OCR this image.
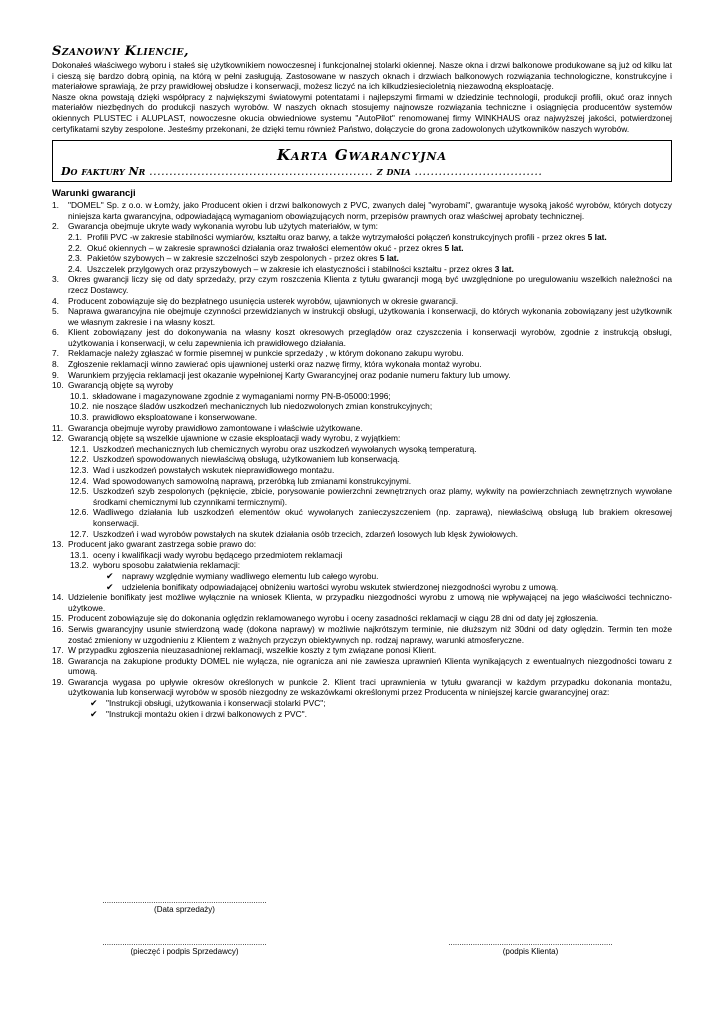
Szanowny Kliencie,

Dokonałeś właściwego wyboru i stałeś się użytkownikiem nowoczesnej i funkcjonalnej stolarki okiennej. Nasze okna i drzwi balkonowe produkowane są już od kilku lat i cieszą się bardzo dobrą opinią, na którą w pełni zasługują. Zastosowane w naszych oknach i drzwiach balkonowych rozwiązania technologiczne, konstrukcyjne i materiałowe sprawiają, że przy prawidłowej obsłudze i konserwacji, możesz liczyć na ich kilkudziesiecioletnią niezawodną eksploatację.

Nasze okna powstają dzięki współpracy z największymi światowymi potentatami i najlepszymi firmami w dziedzinie technologii, produkcji profili, okuć oraz innych materiałów niezbędnych do produkcji naszych wyrobów. W naszych oknach stosujemy najnowsze rozwiązania techniczne i osiągnięcia producentów systemów okiennych PLUSTEC i ALUPLAST, nowoczesne okucia obwiedniowe systemu "AutoPilot" renomowanej firmy WINKHAUS oraz najwyższej jakości, potwierdzonej certyfikatami szyby zespolone. Jesteśmy przekonani, że dzięki temu również Państwo, dołączycie do grona zadowolonych użytkowników naszych wyrobów.

Karta Gwarancyjna
Do faktury Nr ........................................................ z dnia ................................
Warunki gwarancji
1. "DOMEL" Sp. z o.o. w Łomży, jako Producent okien i drzwi balkonowych z PVC, zwanych dalej "wyrobami", gwarantuje wysoką jakość wyrobów, których dotyczy niniejsza karta gwarancyjna, odpowiadającą wymaganiom obowiązujących norm, przepisów prawnych oraz właściwej aprobaty technicznej.
2. Gwarancja obejmuje ukryte wady wykonania wyrobu lub użytych materiałów, w tym:
2.1. Profili PVC -w zakresie stabilności wymiarów, kształtu oraz barwy, a także wytrzymałości połączeń konstrukcyjnych profili - przez okres 5 lat.
2.2. Okuć okiennych – w zakresie sprawności działania oraz trwałości elementów okuć - przez okres 5 lat.
2.3. Pakietów szybowych – w zakresie szczelności szyb zespolonych - przez okres 5 lat.
2.4. Uszczelek przylgowych oraz przyszybowych – w zakresie ich elastyczności i stabilności kształtu - przez okres 3 lat.
3. Okres gwarancji liczy się od daty sprzedaży, przy czym roszczenia Klienta z tytułu gwarancji mogą być uwzględnione po uregulowaniu wszelkich należności na rzecz Dostawcy.
4. Producent zobowiązuje się do bezpłatnego usunięcia usterek wyrobów, ujawnionych w okresie gwarancji.
5. Naprawa gwarancyjna nie obejmuje czynności przewidzianych w instrukcji obsługi, użytkowania i konserwacji, do których wykonania zobowiązany jest użytkownik we własnym zakresie i na własny koszt.
6. Klient zobowiązany jest do dokonywania na własny koszt okresowych przeglądów oraz czyszczenia i konserwacji wyrobów, zgodnie z instrukcją obsługi, użytkowania i konserwacji, w celu zapewnienia ich prawidłowego działania.
7. Reklamacje należy zgłaszać w formie pisemnej w punkcie sprzedaży , w którym dokonano zakupu wyrobu.
8. Zgłoszenie reklamacji winno zawierać opis ujawnionej usterki oraz nazwę firmy, która wykonała montaż wyrobu.
9. Warunkiem przyjęcia reklamacji jest okazanie wypełnionej Karty Gwarancyjnej oraz podanie numeru faktury lub umowy.
10. Gwarancją objęte są wyroby
10.1. składowane i magazynowane zgodnie z wymaganiami normy PN-B-05000:1996;
10.2. nie noszące śladów uszkodzeń mechanicznych lub niedozwolonych zmian konstrukcyjnych;
10.3. prawidłowo eksploatowane i konserwowane.
11. Gwarancja obejmuje wyroby prawidłowo zamontowane i właściwie użytkowane.
12. Gwarancją objęte są wszelkie ujawnione w czasie eksploatacji wady wyrobu, z wyjątkiem:
12.1. Uszkodzeń mechanicznych lub chemicznych wyrobu oraz uszkodzeń wywołanych wysoką temperaturą.
12.2. Uszkodzeń spowodowanych niewłaściwą obsługą, użytkowaniem lub konserwacją.
12.3. Wad i uszkodzeń powstałych wskutek nieprawidłowego montażu.
12.4. Wad spowodowanych samowolną naprawą, przeróbką lub zmianami konstrukcyjnymi.
12.5. Uszkodzeń szyb zespolonych (pęknięcie, zbicie, porysowanie powierzchni zewnętrznych oraz plamy, wykwity na powierzchniach zewnętrznych wywołane środkami chemicznymi lub czynnikami termicznymi).
12.6. Wadliwego działania lub uszkodzeń elementów okuć wywołanych zanieczyszczeniem (np. zaprawą), niewłaściwą obsługą lub brakiem okresowej konserwacji.
12.7. Uszkodzeń i wad wyrobów powstałych na skutek działania osób trzecich, zdarzeń losowych lub klęsk żywiołowych.
13. Producent jako gwarant zastrzega sobie prawo do:
13.1. oceny i kwalifikacji wady wyrobu będącego przedmiotem reklamacji
13.2. wyboru sposobu załatwienia reklamacji:
✔ naprawy względnie wymiany wadliwego elementu lub całego wyrobu.
✔ udzielenia bonifikaty odpowiadającej obniżeniu wartości wyrobu wskutek stwierdzonej niezgodności wyrobu z umową.
14. Udzielenie bonifikaty jest możliwe wyłącznie na wniosek Klienta, w przypadku niezgodności wyrobu z umową nie wpływającej na jego właściwości techniczno-użytkowe.
15. Producent zobowiązuje się do dokonania oględzin reklamowanego wyrobu i oceny zasadności reklamacji w ciągu 28 dni od daty jej zgłoszenia.
16. Serwis gwarancyjny usunie stwierdzoną wadę (dokona naprawy) w możliwie najkrótszym terminie, nie dłuższym niż 30dni od daty oględzin. Termin ten może zostać zmieniony w uzgodnieniu z Klientem z ważnych przyczyn obiektywnych np. rodzaj naprawy, warunki atmosferyczne.
17. W przypadku zgłoszenia nieuzasadnionej reklamacji, wszelkie koszty z tym związane ponosi Klient.
18. Gwarancja na zakupione produkty DOMEL nie wyłącza, nie ogranicza ani nie zawiesza uprawnień Klienta wynikających z ewentualnych niezgodności towaru z umową.
19. Gwarancja wygasa po upływie okresów określonych w punkcie 2. Klient traci uprawnienia w tytułu gwarancji w każdym przypadku dokonania montażu, użytkowania lub konserwacji wyrobów w sposób niezgodny ze wskazówkami określonymi przez Producenta w niniejszej karcie gwarancyjnej oraz:
✔ "Instrukcji obsługi, użytkowania i konserwacji stolarki PVC";
✔ "Instrukcji montażu okien i drzwi balkonowych z PVC".
..........................................................................
(Data sprzedaży)
..........................................................................
(pieczęć i podpis Sprzedawcy)
..........................................................................
(podpis Klienta)
